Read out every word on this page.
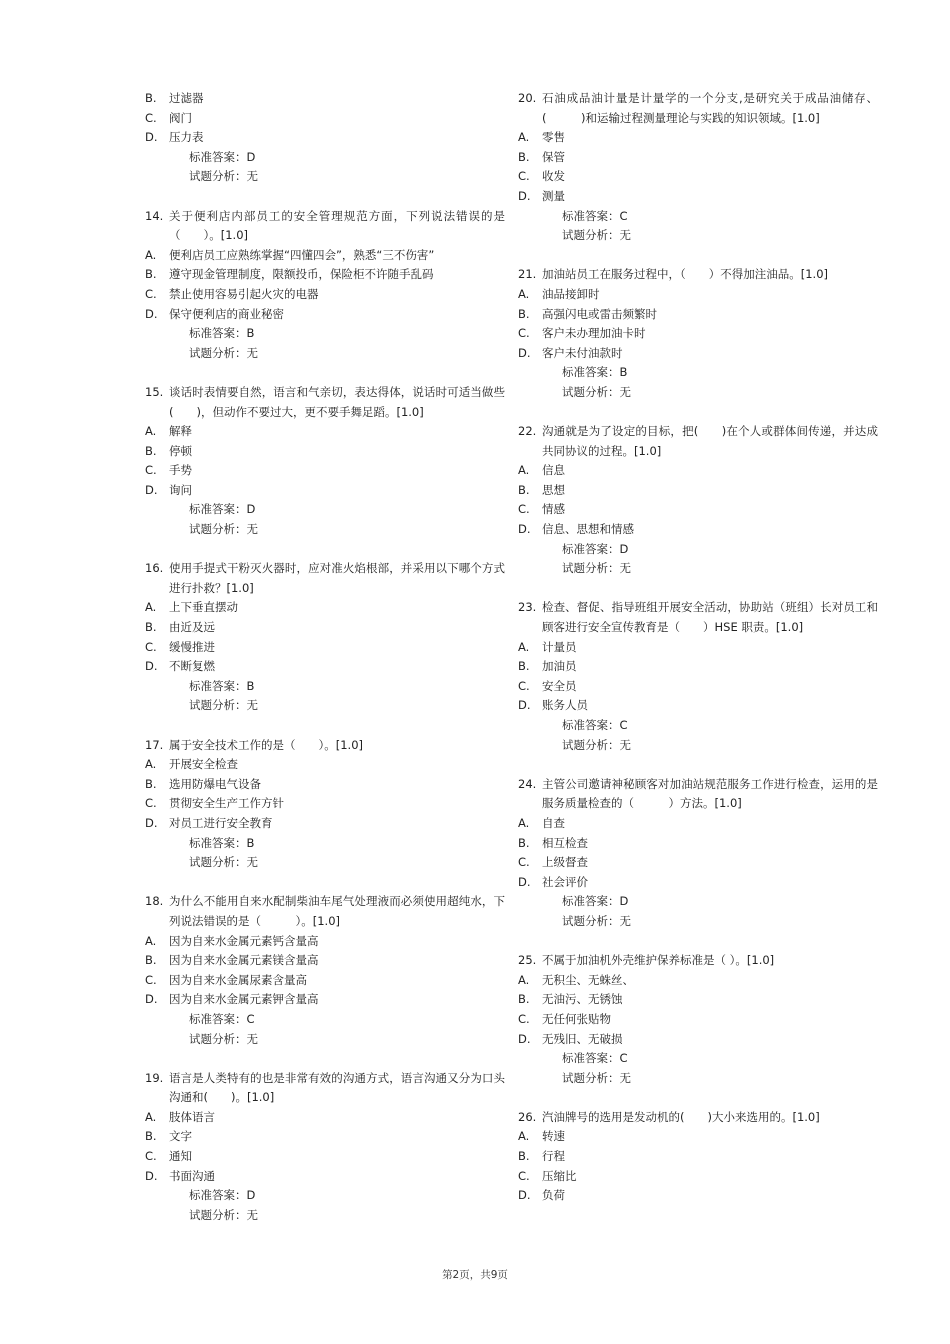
B.	过滤器
C.	阀门
D. 压力表
标准答案：D
试题分析：无
14. 关于便利店内部员工的安全管理规范方面，下列说法错误的是（　　）。[1.0]
A.	便利店员工应熟练掌握“四懂四会”，熟悉“三不伤害”
B.	遵守现金管理制度，限额投币，保险柜不许随手乱码
C.	禁止使用容易引起火灾的电器
D. 保守便利店的商业秘密
标准答案：B
试题分析：无
15. 谈话时表情要自然，语言和气亲切，表达得体，说话时可适当做些(　　)，但动作不要过大，更不要手舞足蹈。[1.0]
A.	解释
B.	停顿
C.	手势
D. 询问
标准答案：D
试题分析：无
16. 使用手提式干粉灭火器时，应对准火焰根部，并采用以下哪个方式进行扑救？[1.0]
A.	上下垂直摆动
B.	由近及远
C.	缓慢推进
D. 不断复燃
标准答案：B
试题分析：无
17. 属于安全技术工作的是（　　）。[1.0]
A.	开展安全检查
B.	选用防爆电气设备
C.	贯彻安全生产工作方针
D. 对员工进行安全教育
标准答案：B
试题分析：无
18. 为什么不能用自来水配制柴油车尾气处理液而必须使用超纯水，下列说法错误的是（　　　）。[1.0]
A.	因为自来水金属元素钙含量高
B.	因为自来水金属元素镁含量高
C.	因为自来水金属尿素含量高
D. 因为自来水金属元素钾含量高
标准答案：C
试题分析：无
19. 语言是人类特有的也是非常有效的沟通方式，语言沟通又分为口头沟通和(　　)。[1.0]
A.	肢体语言
B.	文字
C.	通知
D. 书面沟通
标准答案：D
试题分析：无
20. 石油成品油计量是计量学的一个分支,是研究关于成品油储存、(　　　)和运输过程测量理论与实践的知识领域。[1.0]
A.	零售
B.	保管
C.	收发
D. 测量
标准答案：C
试题分析：无
21. 加油站员工在服务过程中，（　　）不得加注油品。[1.0]
A.	油品接卸时
B.	高强闪电或雷击频繁时
C.	客户未办理加油卡时
D. 客户未付油款时
标准答案：B
试题分析：无
22. 沟通就是为了设定的目标，把(　　)在个人或群体间传递，并达成共同协议的过程。[1.0]
A.	信息
B.	思想
C.	情感
D. 信息、思想和情感
标准答案：D
试题分析：无
23. 检查、督促、指导班组开展安全活动，协助站（班组）长对员工和顾客进行安全宣传教育是（　　）HSE 职责。[1.0]
A.	计量员
B.	加油员
C.	安全员
D. 账务人员
标准答案：C
试题分析：无
24. 主管公司邀请神秘顾客对加油站规范服务工作进行检查，运用的是服务质量检查的（　　　）方法。[1.0]
A.	自查
B.	相互检查
C.	上级督查
D. 社会评价
标准答案：D
试题分析：无
25. 不属于加油机外壳维护保养标准是（ ）。[1.0]
A.	无积尘、无蛛丝、
B.	无油污、无锈蚀
C.	无任何张贴物
D. 无残旧、无破损
标准答案：C
试题分析：无
26. 汽油牌号的选用是发动机的(　　)大小来选用的。[1.0]
A.	转速
B.	行程
C.	压缩比
D. 负荷
第2页，共9页
